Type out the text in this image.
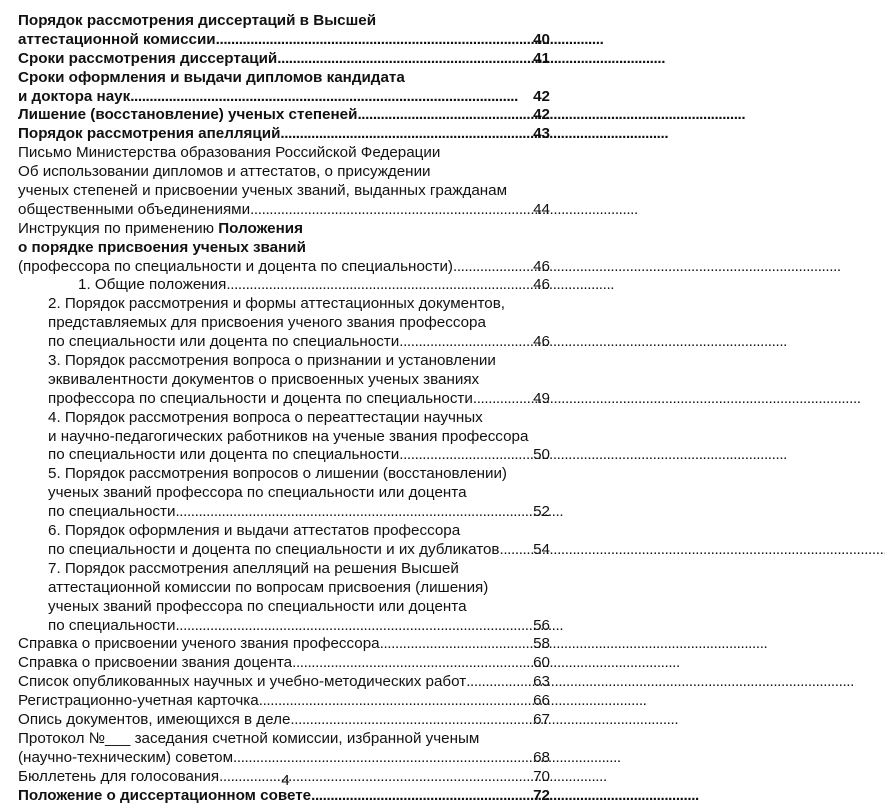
Порядок рассмотрения диссертаций в Высшей
аттестационной комиссии . . .	40
Сроки рассмотрения диссертаций . . .	41
Сроки оформления и выдачи дипломов кандидата
и доктора наук . . .	42
Лишение (восстановление) ученых степеней . . .	42
Порядок рассмотрения апелляций . . .	43
Письмо Министерства образования Российской Федерации
Об использовании дипломов и аттестатов, о присуждении
ученых степеней и присвоении ученых званий, выданных гражданам
общественными объединениями . . .	44
Инструкция по применению Положения
о порядке присвоения ученых званий
(профессора по специальности и доцента по специальности) . . .	46
1. Общие положения . . .	46
2. Порядок рассмотрения и формы аттестационных документов,
представляемых для присвоения ученого звания профессора
по специальности или доцента по специальности . . .	46
3. Порядок рассмотрения вопроса о признании и установлении
эквивалентности документов о присвоенных ученых званиях
профессора по специальности и доцента по специальности . . .	49
4. Порядок рассмотрения вопроса о переаттестации научных
и научно-педагогических работников на ученые звания профессора
по специальности или доцента по специальности . . .	50
5. Порядок рассмотрения вопросов о лишении (восстановлении)
ученых званий профессора по специальности или доцента
по специальности . . .	52
6. Порядок оформления и выдачи аттестатов профессора
по специальности и доцента по специальности и их дубликатов . . . 54
7. Порядок рассмотрения апелляций на решения Высшей
аттестационной комиссии по вопросам присвоения (лишения)
ученых званий профессора по специальности или доцента
по специальности . . .	56
Справка о присвоении ученого звания профессора . . .	58
Справка о присвоении звания доцента . . .	60
Список опубликованных научных и учебно-методических работ . . .	63
Регистрационно-учетная карточка . . .	66
Опись документов, имеющихся в деле . . .	67
Протокол №___ заседания счетной комиссии, избранной ученым
(научно-техническим) советом . . .	68
Бюллетень для голосования . . .	70
Положение о диссертационном совете . . .	72
4
